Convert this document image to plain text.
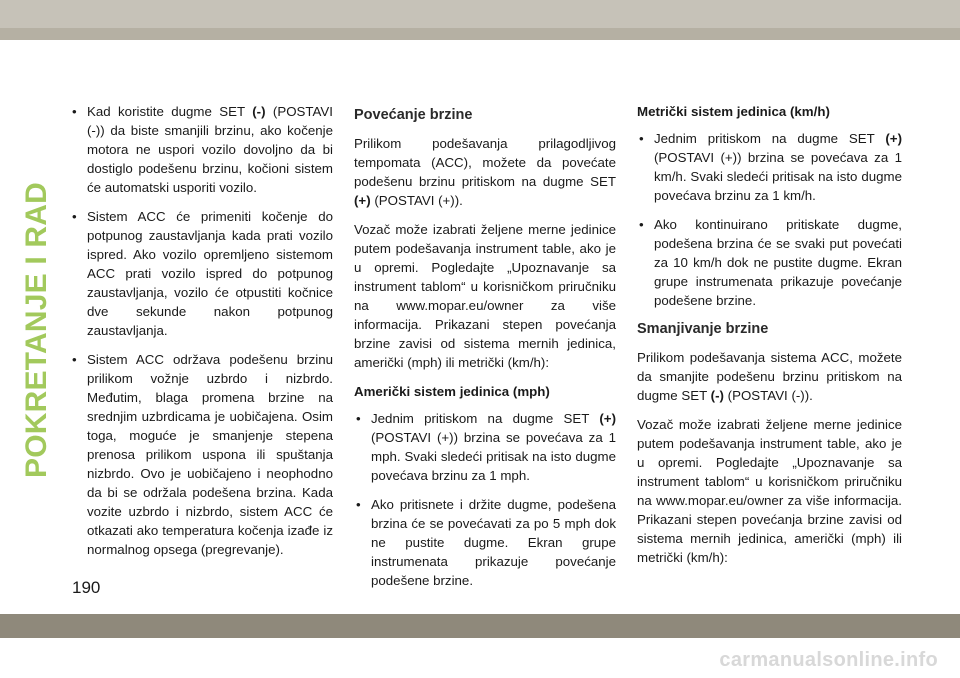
POKRETANJE I RAD
• Kad koristite dugme SET (-) (POSTAVI (-)) da biste smanjili brzinu, ako kočenje motora ne uspori vozilo dovoljno da bi dostiglo podešenu brzinu, kočioni sistem će automatski usporiti vozilo.
• Sistem ACC će primeniti kočenje do potpunog zaustavljanja kada prati vozilo ispred. Ako vozilo opremljeno sistemom ACC prati vozilo ispred do potpunog zaustavljanja, vozilo će otpustiti kočnice dve sekunde nakon potpunog zaustavljanja.
• Sistem ACC održava podešenu brzinu prilikom vožnje uzbrdo i nizbrdo. Međutim, blaga promena brzine na srednjim uzbrdicama je uobičajena. Osim toga, moguće je smanjenje stepena prenosa prilikom uspona ili spuštanja nizbrdo. Ovo je uobičajeno i neophodno da bi se održala podešena brzina. Kada vozite uzbrdo i nizbrdo, sistem ACC će otkazati ako temperatura kočenja izađe iz normalnog opsega (pregrevanje).
Povećanje brzine

Prilikom podešavanja prilagodljivog tempomata (ACC), možete da povećate podešenu brzinu pritiskom na dugme SET (+) (POSTAVI (+)).

Vozač može izabrati željene merne jedinice putem podešavanja instrument table, ako je u opremi. Pogledajte „Upoznavanje sa instrument tablom“ u korisničkom priručniku na www.mopar.eu/owner za više informacija. Prikazani stepen povećanja brzine zavisi od sistema mernih jedinica, američki (mph) ili metrički (km/h):

Američki sistem jedinica (mph)
• Jednim pritiskom na dugme SET (+) (POSTAVI (+)) brzina se povećava za 1 mph. Svaki sledeći pritisak na isto dugme povećava brzinu za 1 mph.
• Ako pritisnete i držite dugme, podešena brzina će se povećavati za po 5 mph dok ne pustite dugme. Ekran grupe instrumenata prikazuje povećanje podešene brzine.
Metrički sistem jedinica (km/h)
• Jednim pritiskom na dugme SET (+) (POSTAVI (+)) brzina se povećava za 1 km/h. Svaki sledeći pritisak na isto dugme povećava brzinu za 1 km/h.
• Ako kontinuirano pritiskate dugme, podešena brzina će se svaki put povećati za 10 km/h dok ne pustite dugme. Ekran grupe instrumenata prikazuje povećanje podešene brzine.
Smanjivanje brzine

Prilikom podešavanja sistema ACC, možete da smanjite podešenu brzinu pritiskom na dugme SET (-) (POSTAVI (-)).

Vozač može izabrati željene merne jedinice putem podešavanja instrument table, ako je u opremi. Pogledajte „Upoznavanje sa instrument tablom“ u korisničkom priručniku na www.mopar.eu/owner za više informacija. Prikazani stepen povećanja brzine zavisi od sistema mernih jedinica, američki (mph) ili metrički (km/h):

190
carmanualsonline.info
